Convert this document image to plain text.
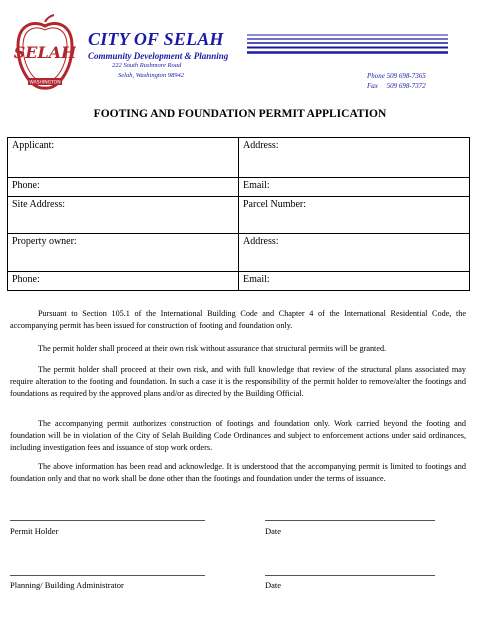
SELAH
WASHINGTON
CITY OF SELAH
Community Development & Planning
222 South Rushmore Road
Selah, Washington 98942	Phone 509 698-7365
Fax     509 698-7372
FOOTING AND FOUNDATION PERMIT APPLICATION
Applicant:	Address:
Phone:	Email:
Site Address:	Parcel Number:
Property owner:	Address:
Phone:	Email:
Pursuant to Section 105.1 of the International Building Code and Chapter 4 of the International Residential Code, the accompanying permit has been issued for construction of footing and foundation only.
The permit holder shall proceed at their own risk without assurance that structural permits will be granted.
The permit holder shall proceed at their own risk, and with full knowledge that review of the structural plans associated may require alteration to the footing and foundation. In such a case it is the responsibility of the permit holder to remove/alter the footings and foundations as required by the approved plans and/or as directed by the Building Official.
The accompanying permit authorizes construction of footings and foundation only. Work carried beyond the footing and foundation will be in violation of the City of Selah Building Code Ordinances and subject to enforcement actions under said ordinances, including investigation fees and issuance of stop work orders.
The above information has been read and acknowledge. It is understood that the accompanying permit is limited to footings and foundation only and that no work shall be done other than the footings and foundation under the terms of issuance.
Permit Holder	Date
Planning/ Building Administrator	Date
